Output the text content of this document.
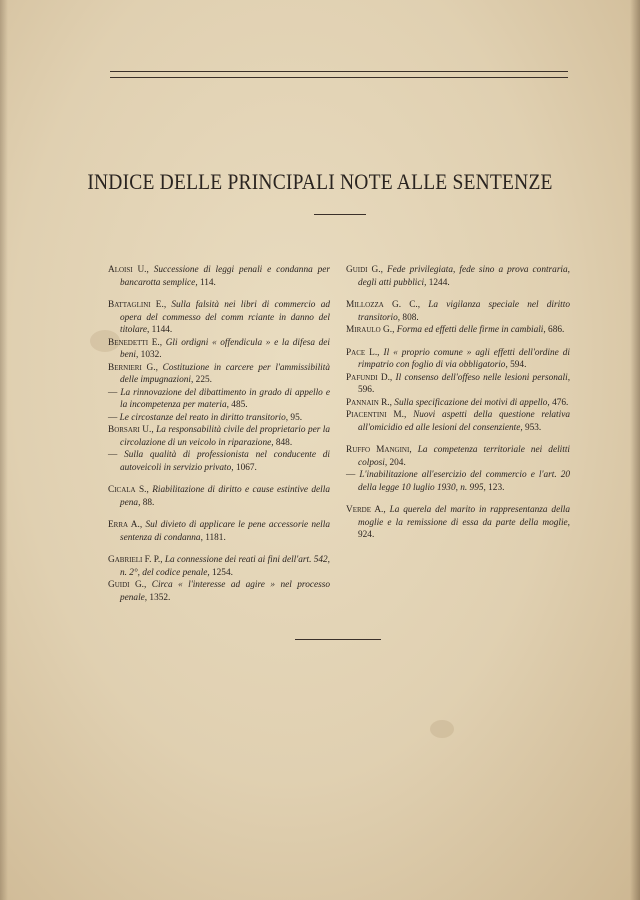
INDICE DELLE PRINCIPALI NOTE ALLE SENTENZE
Aloisi U., Successione di leggi penali e condanna per bancarotta semplice, 114.
Battaglini E., Sulla falsità nei libri di commercio ad opera del commesso del comm rciante in danno del titolare, 1144.
Benedetti E., Gli ordigni « offendicula » e la difesa dei beni, 1032.
Bernieri G., Costituzione in carcere per l'ammissibilità delle impugnazioni, 225.
— La rinnovazione del dibattimento in grado di appello e la incompetenza per materia, 485.
— Le circostanze del reato in diritto transitorio, 95.
Borsari U., La responsabilità civile del proprietario per la circolazione di un veicolo in riparazione, 848.
— Sulla qualità di professionista nel conducente di autoveicoli in servizio privato, 1067.
Cicala S., Riabilitazione di diritto e cause estintive della pena, 88.
Erra A., Sul divieto di applicare le pene accessorie nella sentenza di condanna, 1181.
Gabrieli F. P., La connessione dei reati ai fini dell'art. 542, n. 2°, del codice penale, 1254.
Guidi G., Circa « l'interesse ad agire » nel processo penale, 1352.
Guidi G., Fede privilegiata, fede sino a prova contraria, degli atti pubblici, 1244.
Millozza G. C., La vigilanza speciale nel diritto transitorio, 808.
Miraulo G., Forma ed effetti delle firme in cambiali, 686.
Pace L., Il « proprio comune » agli effetti dell'ordine di rimpatrio con foglio di via obbligatorio, 594.
Pafundi D., Il consenso dell'offeso nelle lesioni personali, 596.
Pannain R., Sulla specificazione dei motivi di appello, 476.
Piacentini M., Nuovi aspetti della questione relativa all'omicidio ed alle lesioni del consenziente, 953.
Ruffo Mangini, La competenza territoriale nei delitti colposi, 204.
— L'inabilitazione all'esercizio del commercio e l'art. 20 della legge 10 luglio 1930, n. 995, 123.
Verde A., La querela del marito in rappresentanza della moglie e la remissione di essa da parte della moglie, 924.
